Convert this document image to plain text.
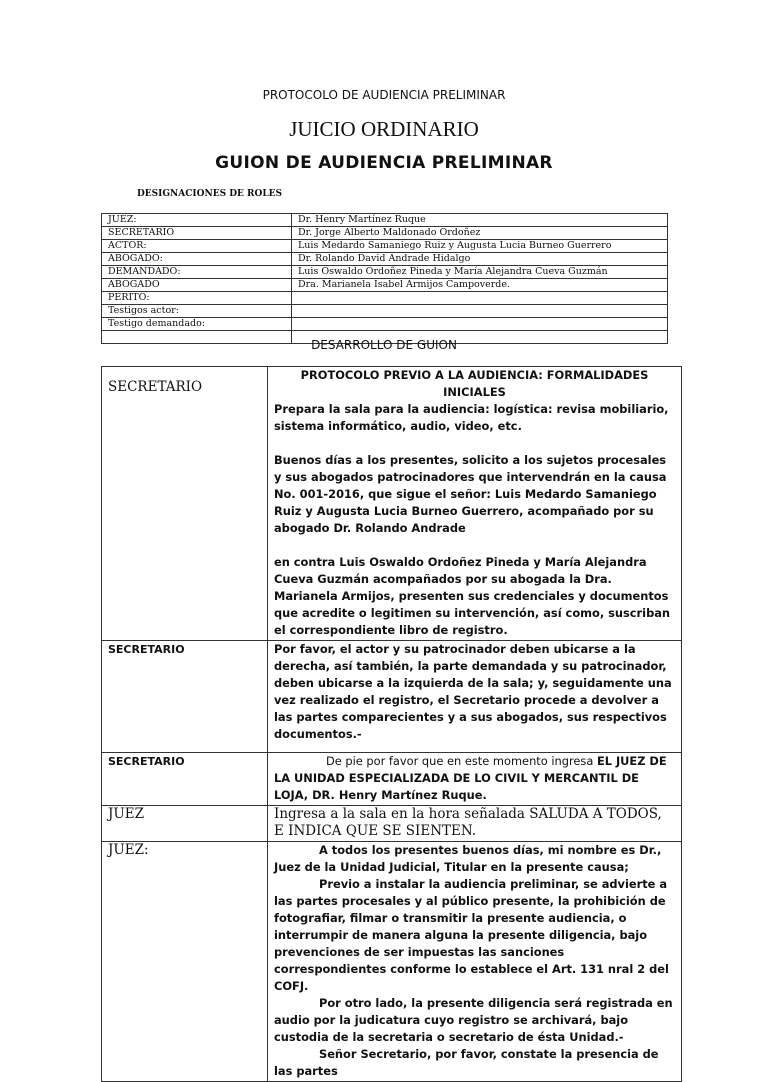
PROTOCOLO DE AUDIENCIA PRELIMINAR
JUICIO ORDINARIO
GUION DE AUDIENCIA PRELIMINAR
DESIGNACIONES DE ROLES
JUEZ:	Dr. Henry Martínez Ruque
SECRETARIO	Dr. Jorge Alberto Maldonado Ordoñez
ACTOR:	Luis Medardo Samaniego Ruiz y Augusta Lucia Burneo Guerrero
ABOGADO:	Dr. Rolando David Andrade Hidalgo
DEMANDADO:	Luis Oswaldo Ordoñez Pineda y María Alejandra Cueva Guzmán
ABOGADO	Dra. Marianela Isabel Armijos Campoverde.
PERITO:	
Testigos actor:	
Testigo demandado:	

DESARROLLO DE GUION
SECRETARIO	PROTOCOLO PREVIO A LA AUDIENCIA: FORMALIDADES INICIALES
Prepara la sala para la audiencia: logística: revisa mobiliario, sistema informático, audio, video, etc.
Buenos días a los presentes, solicito a los sujetos procesales y sus abogados patrocinadores que intervendrán en la causa No. 001-2016, que sigue el señor: Luis Medardo Samaniego Ruiz y Augusta Lucia Burneo Guerrero, acompañado por su abogado Dr. Rolando Andrade
en contra Luis Oswaldo Ordoñez Pineda y María Alejandra Cueva Guzmán acompañados por su abogada la Dra. Marianela Armijos, presenten sus credenciales y documentos que acredite o legitimen su intervención, así como, suscriban el correspondiente libro de registro.

SECRETARIO	Por favor, el actor y su patrocinador deben ubicarse a la derecha, así también, la parte demandada y su patrocinador, deben ubicarse a la izquierda de la sala; y, seguidamente una vez realizado el registro, el Secretario procede a devolver a las partes comparecientes y a sus abogados, sus respectivos documentos.-

SECRETARIO	De pie por favor que en este momento ingresa EL JUEZ DE LA UNIDAD ESPECIALIZADA DE LO CIVIL Y MERCANTIL DE LOJA, DR. Henry Martínez Ruque.

JUEZ	Ingresa a la sala en la hora señalada SALUDA A TODOS, E INDICA QUE SE SIENTEN.

JUEZ:	A todos los presentes buenos días, mi nombre es Dr., Juez de la Unidad Judicial, Titular en la presente causa;
Previo a instalar la audiencia preliminar, se advierte a las partes procesales y al público presente, la prohibición de fotografiar, filmar o transmitir la presente audiencia, o interrumpir de manera alguna la presente diligencia, bajo prevenciones de ser impuestas las sanciones correspondientes conforme lo establece el Art. 131 nral 2 del COFJ.
Por otro lado, la presente diligencia será registrada en audio por la judicatura cuyo registro se archivará, bajo custodia de la secretaria o secretario de ésta Unidad.-
Señor Secretario, por favor, constate la presencia de las partes
